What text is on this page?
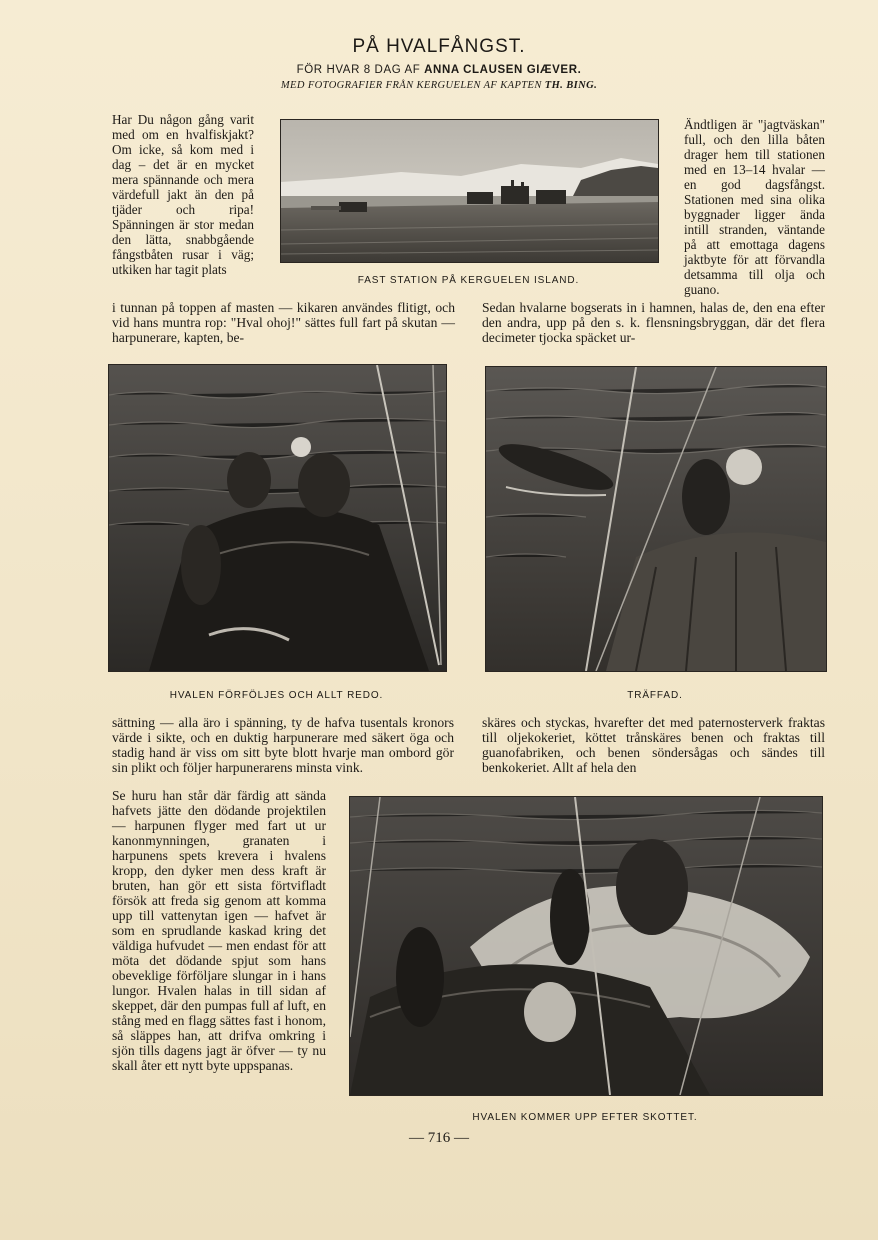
PÅ HVALFÅNGST.
FÖR HVAR 8 DAG AF ANNA CLAUSEN GIÆVER.
MED FOTOGRAFIER FRÅN KERGUELEN AF KAPTEN TH. BING.
Har Du någon gång varit med om en hvalfiskjakt? Om icke, så kom med i dag – det är en mycket mera spännande och mera värdefull jakt än den på tjäder och ripa! Spänningen är stor medan den lätta, snabbgående fångstbåten rusar i väg; utkiken har tagit plats
i tunnan på toppen af masten — kikaren användes flitigt, och vid hans muntra rop: "Hval ohoj!" sättes full fart på skutan — harpunerare, kapten, be-
FAST STATION PÅ KERGUELEN ISLAND.
Ändtligen är "jagtväskan" full, och den lilla båten drager hem till stationen med en 13–14 hvalar — en god dagsfångst. Stationen med sina olika byggnader ligger ända intill stranden, väntande på att emottaga dagens jaktbyte för att förvandla detsamma till olja och guano.
Sedan hvalarne bogserats in i hamnen, halas de, den ena efter den andra, upp på den s. k. flensningsbryggan, där det flera decimeter tjocka späcket ur-
HVALEN FÖRFÖLJES OCH ALLT REDO.	TRÄFFAD.
sättning — alla äro i spänning, ty de hafva tusentals kronors värde i sikte, och en duktig harpunerare med säkert öga och stadig hand är viss om sitt byte blott hvarje man ombord gör sin plikt och följer harpunerarens minsta vink.
skäres och styckas, hvarefter det med paternosterverk fraktas till oljekokeriet, köttet trånskäres benen och fraktas till guanofabriken, och benen söndersågas och sändes till benkokeriet. Allt af hela den
Se huru han står där färdig att sända hafvets jätte den dödande projektilen — harpunen flyger med fart ut ur kanonmynningen, granaten i harpunens spets krevera i hvalens kropp, den dyker men dess kraft är bruten, han gör ett sista förtvifladt försök att freda sig genom att komma upp till vattenytan igen — hafvet är som en sprudlande kaskad kring det väldiga hufvudet — men endast för att möta det dödande spjut som hans obeveklige förföljare slungar in i hans lungor. Hvalen halas in till sidan af skeppet, där den pumpas full af luft, en stång med en flagg sättes fast i honom, så släppes han, att drifva omkring i sjön tills dagens jagt är öfver — ty nu skall åter ett nytt byte uppspanas.
HVALEN KOMMER UPP EFTER SKOTTET.
— 716 —
